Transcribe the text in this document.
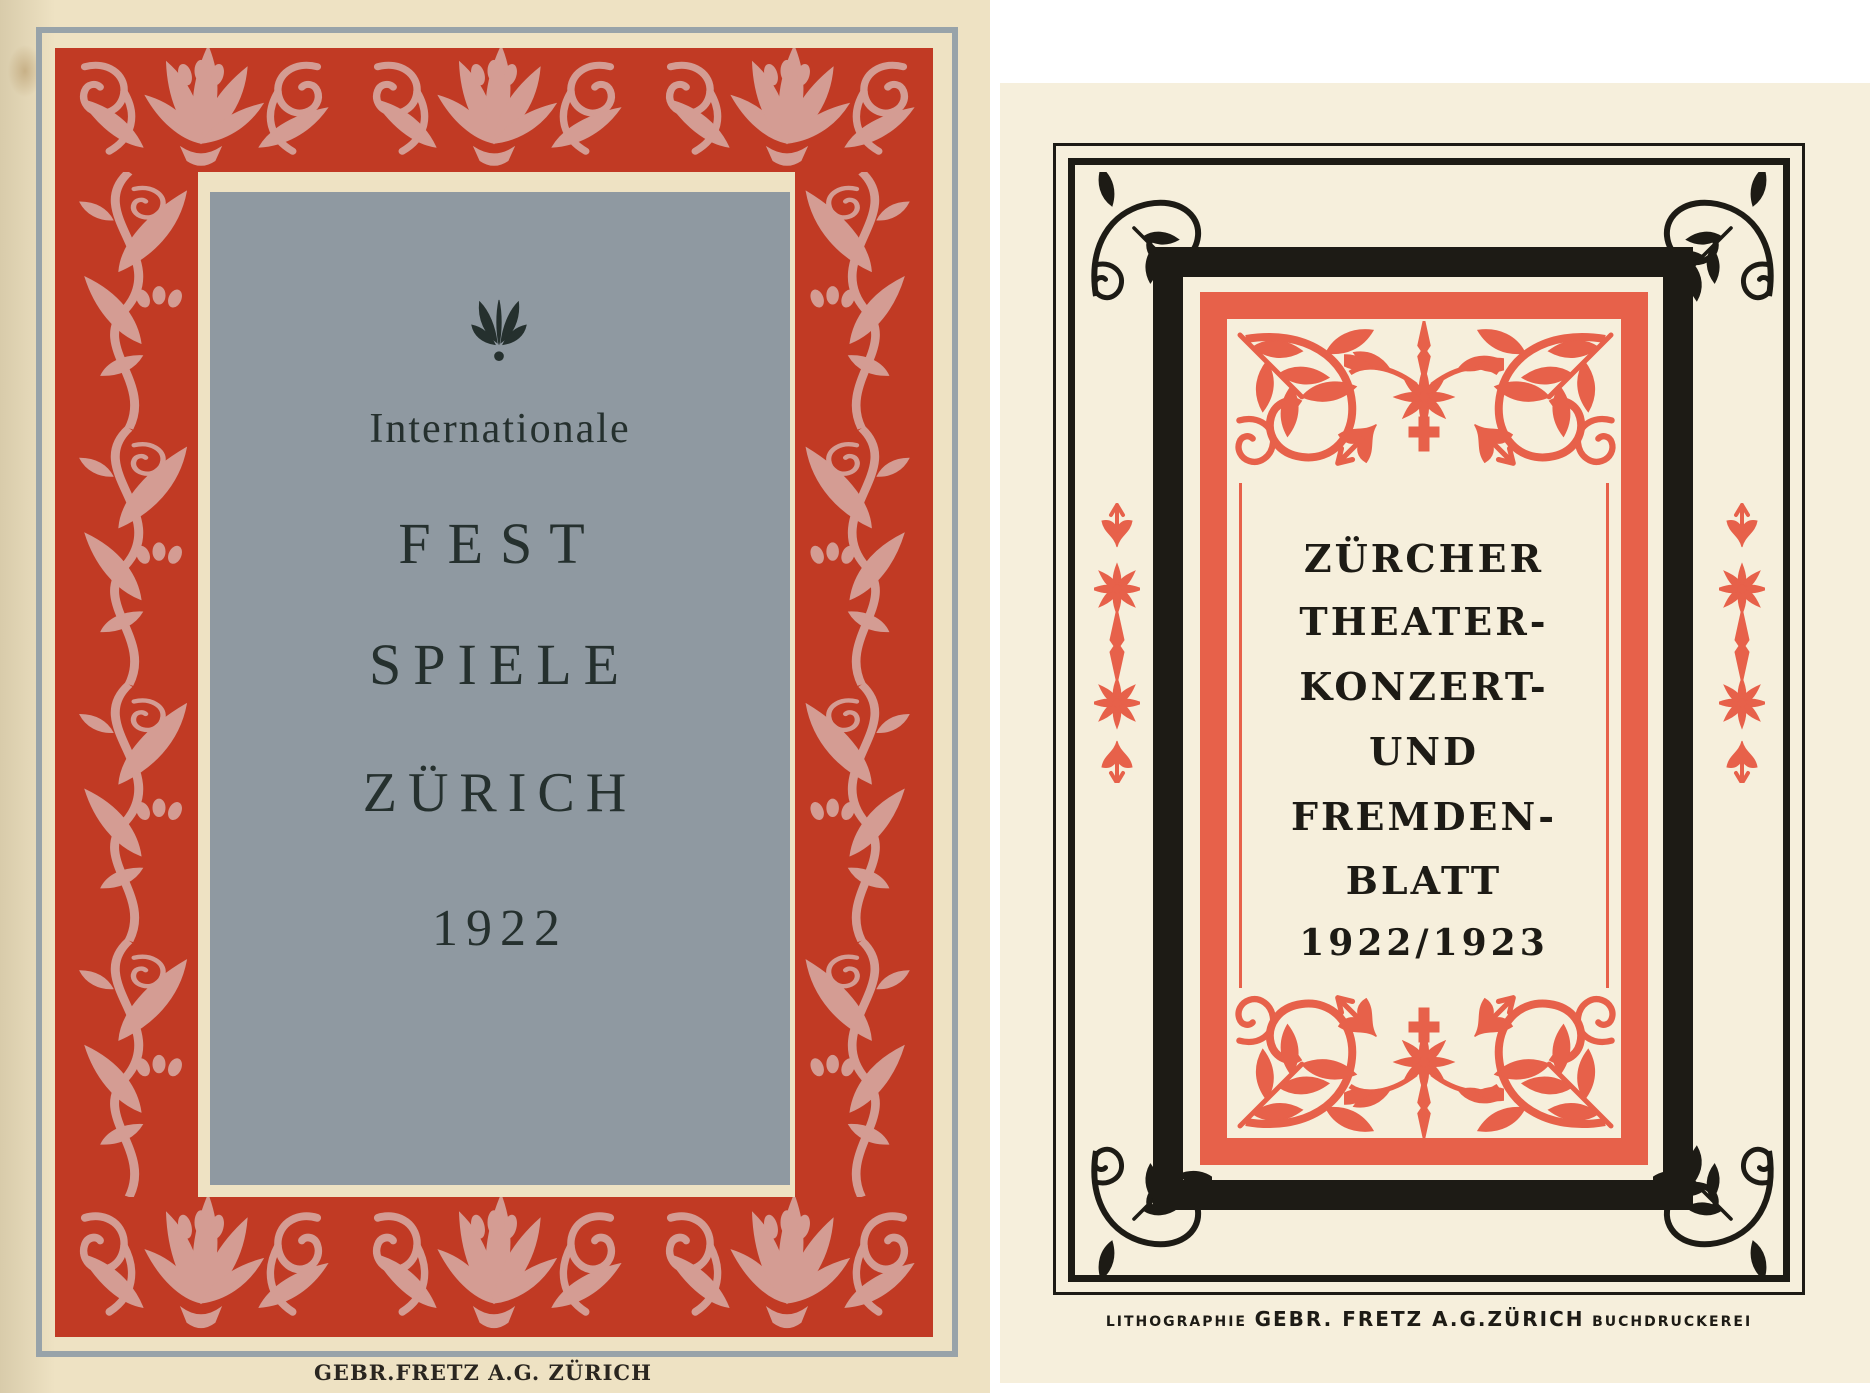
Internationale
FEST
SPIELE
ZÜRICH
1922
GEBR.FRETZ A.G. ZÜRICH
ZÜRCHER
THEATER-
KONZERT-
UND
FREMDEN-
BLATT
1922/1923
LITHOGRAPHIE GEBR. FRETZ A.G.ZÜRICH BUCHDRUCKEREI
